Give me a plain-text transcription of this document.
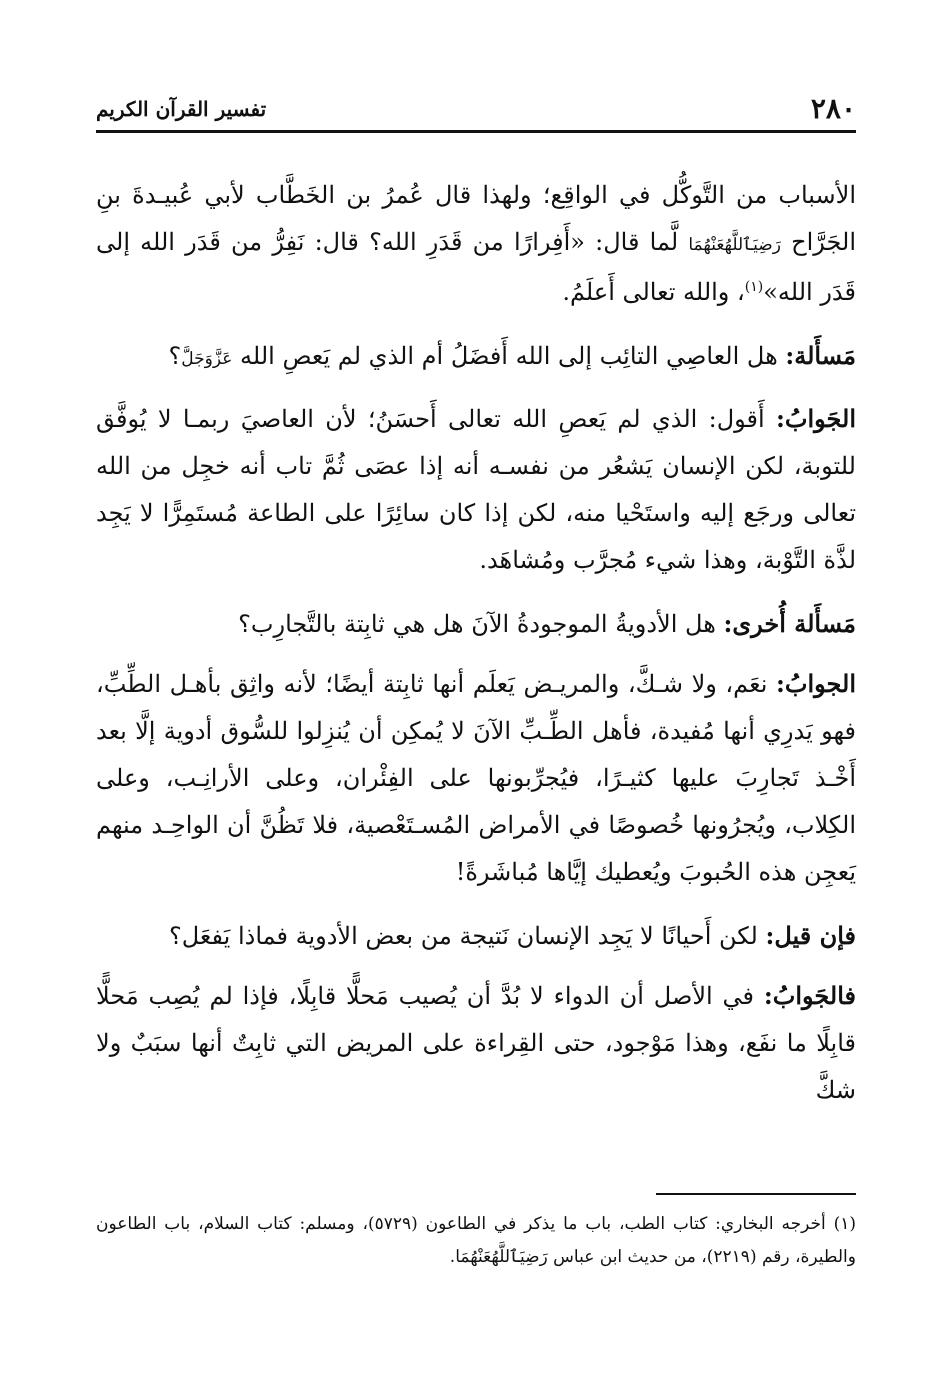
٢٨٠
تفسير القرآن الكريم

الأسباب من التَّوكُّل في الواقِع؛ ولهذا قال عُمرُ بن الخَطَّاب لأبي عُبيـدةَ بنِ الجَرَّاح رَضِيَٱللَّهُعَنْهُمَا لَّما قال: «أَفِرارًا من قَدَرِ الله؟ قال: نَفِرُّ من قَدَر الله إلى قَدَر الله»$^{(١)}$، والله تعالى أَعلَمُ.

مَسأَلة: هل العاصِي التائِب إلى الله أَفضَلُ أم الذي لم يَعصِ الله عَزَّوَجَلَّ؟

الجَوابُ: أَقول: الذي لم يَعصِ الله تعالى أَحسَنُ؛ لأن العاصيَ ربمـا لا يُوفَّق للتوبة، لكن الإنسان يَشعُر من نفسـه أنه إذا عصَى ثُمَّ تاب أنه خجِل من الله تعالى ورجَع إليه واستَحْيا منه، لكن إذا كان سائِرًا على الطاعة مُستَمِرًّا لا يَجِد لذَّة التَّوْبة، وهذا شيء مُجرَّب ومُشاهَد.

مَسأَلة أُخرى: هل الأدويةُ الموجودةُ الآنَ هل هي ثابِتة بالتَّجارِب؟

الجوابُ: نعَم، ولا شـكَّ، والمريـض يَعلَم أنها ثابِتة أيضًا؛ لأنه واثِق بأهـل الطِّبِّ، فهو يَدرِي أنها مُفيدة، فأهل الطِّـبِّ الآنَ لا يُمكِن أن يُنزِلوا للسُّوق أدوية إلَّا بعد أَخْـذ تَجارِبَ عليها كثيـرًا، فيُجرِّبونها على الفِئْران، وعلى الأرانِـب، وعلى الكِلاب، ويُجرُونها خُصوصًا في الأمراض المُسـتَعْصية، فلا تَظُنَّ أن الواحِـد منهم يَعجِن هذه الحُبوبَ ويُعطيك إيَّاها مُباشَرةً!

فإن قيل: لكن أَحيانًا لا يَجِد الإنسان نَتيجة من بعض الأدوية فماذا يَفعَل؟

فالجَوابُ: في الأصل أن الدواء لا بُدَّ أن يُصيب مَحلًّا قابِلًا، فإذا لم يُصِب مَحلًّا قابِلًا ما نفَع، وهذا مَوْجود، حتى القِراءة على المريض التي ثابِتٌ أنها سبَبٌ ولا شكَّ

(١) أخرجه البخاري: كتاب الطب، باب ما يذكر في الطاعون (٥٧٢٩)، ومسلم: كتاب السلام، باب الطاعون والطيرة، رقم (٢٢١٩)، من حديث ابن عباس رَضِيَٱللَّهُعَنْهُمَا.
